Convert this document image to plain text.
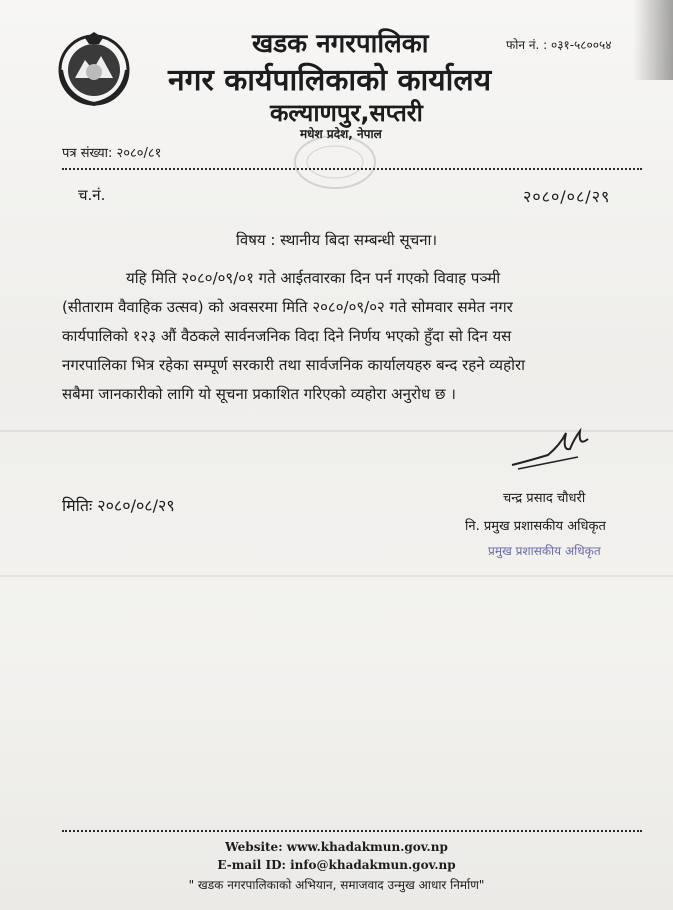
खडक नगरपालिका
नगर कार्यपालिकाको कार्यालय
कल्याणपुर,सप्तरी
मधेश प्रदेश, नेपाल
फोन नं. : ०३१-५८००५४
पत्र संख्या: २०८०/८१
च.नं.	२०८०/०८/२९
विषय : स्थानीय बिदा सम्बन्धी सूचना।
यहि मिति २०८०/०९/०१ गते आईतवारका दिन पर्न गएको विवाह पञ्मी
(सीताराम वैवाहिक उत्सव) को अवसरमा मिति २०८०/०९/०२ गते सोमवार समेत नगर
कार्यपालिको १२३ औं वैठकले सार्वनजनिक विदा दिने निर्णय भएको हुँदा सो दिन यस
नगरपालिका भित्र रहेका सम्पूर्ण सरकारी तथा सार्वजनिक कार्यालयहरु बन्द रहने व्यहोरा
सबैमा जानकारीको लागि यो सूचना प्रकाशित गरिएको व्यहोरा अनुरोध छ ।
चन्द्र प्रसाद चौधरी
नि. प्रमुख प्रशासकीय अधिकृत
प्रमुख प्रशासकीय अधिकृत
मितिः २०८०/०८/२९
Website: www.khadakmun.gov.np
E-mail ID: info@khadakmun.gov.np
" खडक नगरपालिकाको अभियान, समाजवाद उन्मुख आधार निर्माण"
